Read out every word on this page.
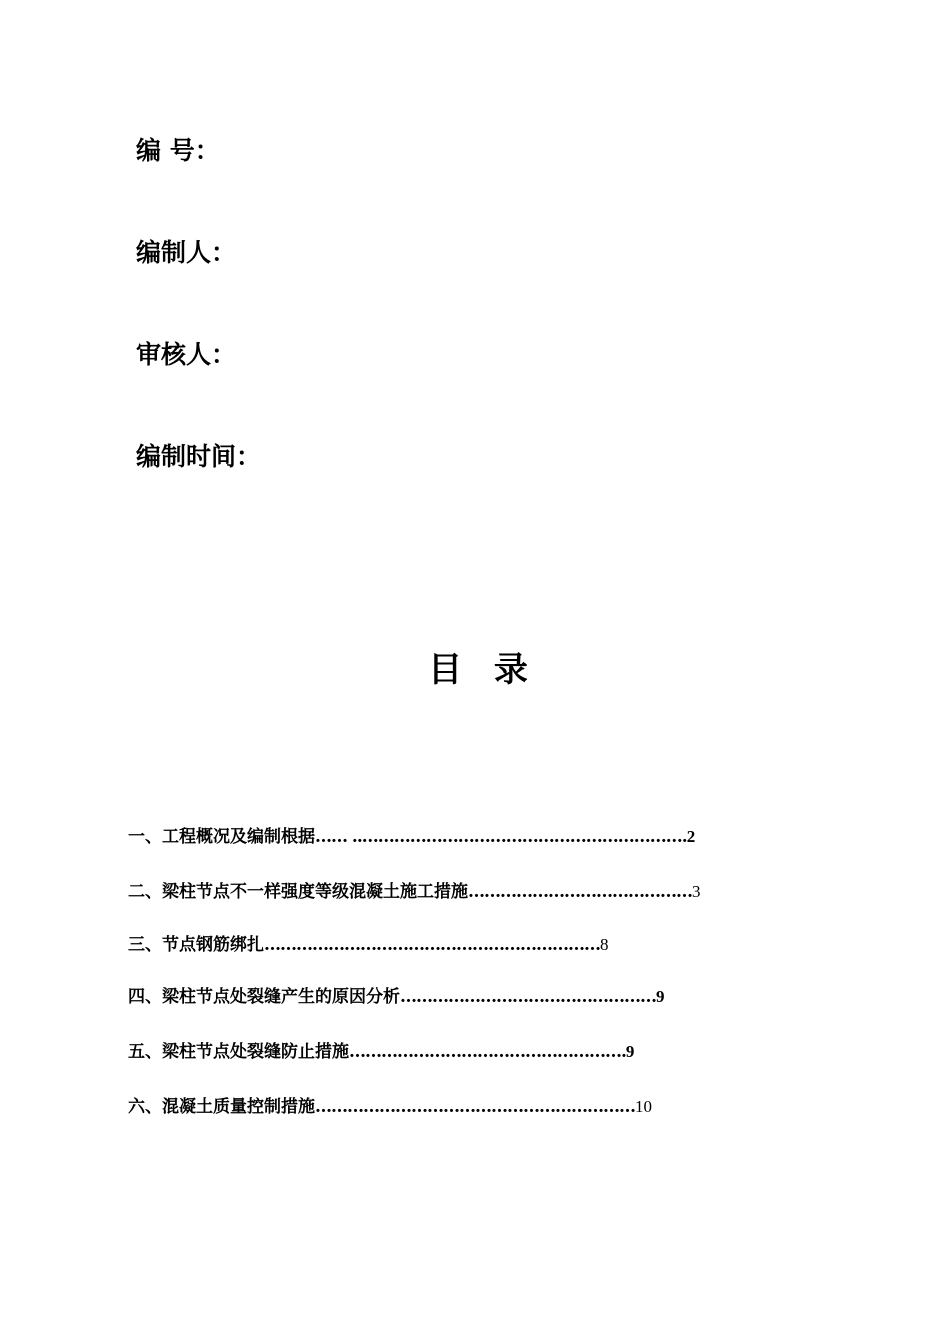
编 号：
编制人：
审核人：
编制时间：
目 录
一、工程概况及编制根据…… ..…………………………………………………….2
二、梁柱节点不一样强度等级混凝土施工措施……………………………………3
三、节点钢筋绑扎………………………………………………………8
四、梁柱节点处裂缝产生的原因分析…………………………………………9
五、梁柱节点处裂缝防止措施…………………………………………….9
六、混凝土质量控制措施……………………………………………………10
